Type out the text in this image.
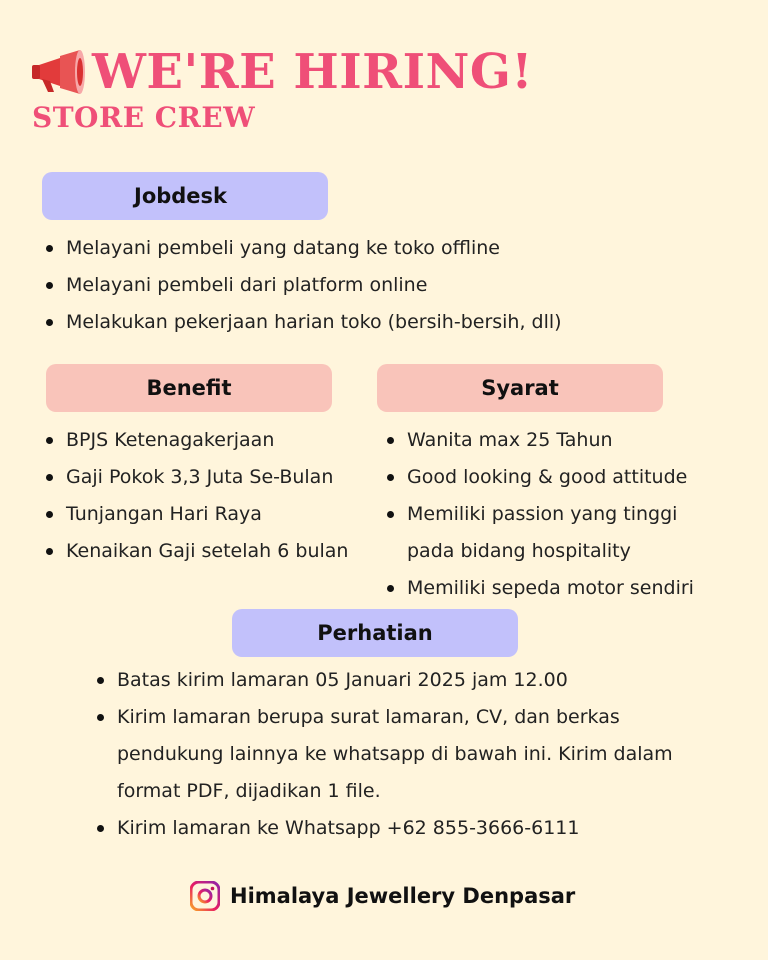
WE'RE HIRING!
STORE CREW
Jobdesk
Melayani pembeli yang datang ke toko offline
Melayani pembeli dari platform online
Melakukan pekerjaan harian toko (bersih-bersih, dll)
Benefit
BPJS Ketenagakerjaan
Gaji Pokok 3,3 Juta Se-Bulan
Tunjangan Hari Raya
Kenaikan Gaji setelah 6 bulan
Syarat
Wanita max 25 Tahun
Good looking & good attitude
Memiliki passion yang tinggi
pada bidang hospitality
Memiliki sepeda motor sendiri
Perhatian
Batas kirim lamaran 05 Januari 2025 jam 12.00
Kirim lamaran berupa surat lamaran, CV, dan berkas
pendukung lainnya ke whatsapp di bawah ini. Kirim dalam
format PDF, dijadikan 1 file.
Kirim lamaran ke Whatsapp +62 855-3666-6111

Himalaya Jewellery Denpasar
